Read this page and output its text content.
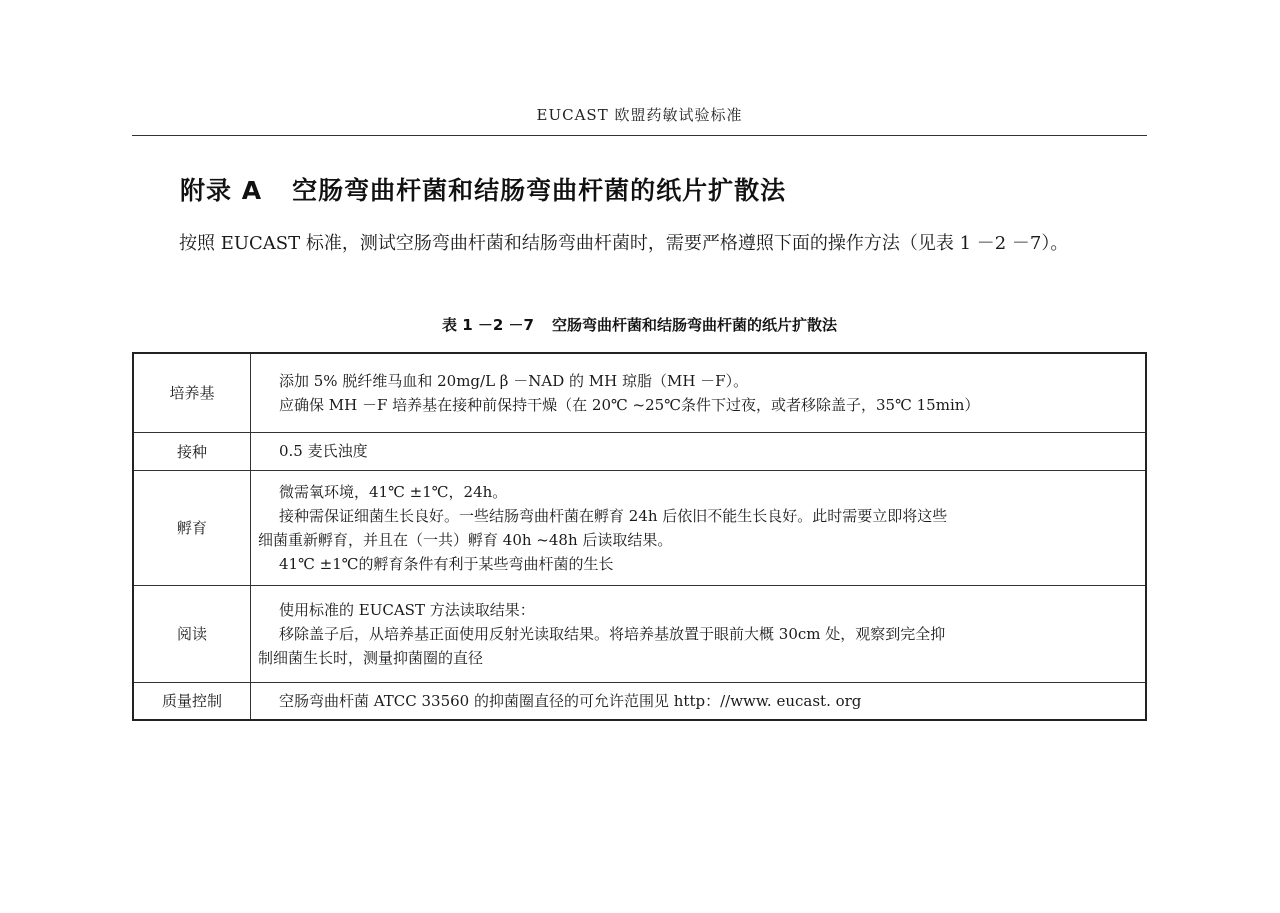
EUCAST 欧盟药敏试验标准
附录 A 空肠弯曲杆菌和结肠弯曲杆菌的纸片扩散法
按照 EUCAST 标准，测试空肠弯曲杆菌和结肠弯曲杆菌时，需要严格遵照下面的操作方法（见表 1 －2 －7）。
表 1 －2 －7 空肠弯曲杆菌和结肠弯曲杆菌的纸片扩散法
培养基	添加 5% 脱纤维马血和 20mg/L β －NAD 的 MH 琼脂（MH －F）。
应确保 MH －F 培养基在接种前保持干燥（在 20℃ ~25℃条件下过夜，或者移除盖子，35℃ 15min）

接种	0.5 麦氏浊度

孵育	微需氧环境，41℃ ±1℃，24h。
接种需保证细菌生长良好。一些结肠弯曲杆菌在孵育 24h 后依旧不能生长良好。此时需要立即将这些
细菌重新孵育，并且在（一共）孵育 40h ~48h 后读取结果。
41℃ ±1℃的孵育条件有利于某些弯曲杆菌的生长

阅读	使用标准的 EUCAST 方法读取结果：
移除盖子后，从培养基正面使用反射光读取结果。将培养基放置于眼前大概 30cm 处，观察到完全抑
制细菌生长时，测量抑菌圈的直径

质量控制	空肠弯曲杆菌 ATCC 33560 的抑菌圈直径的可允许范围见 http：//www. eucast. org
